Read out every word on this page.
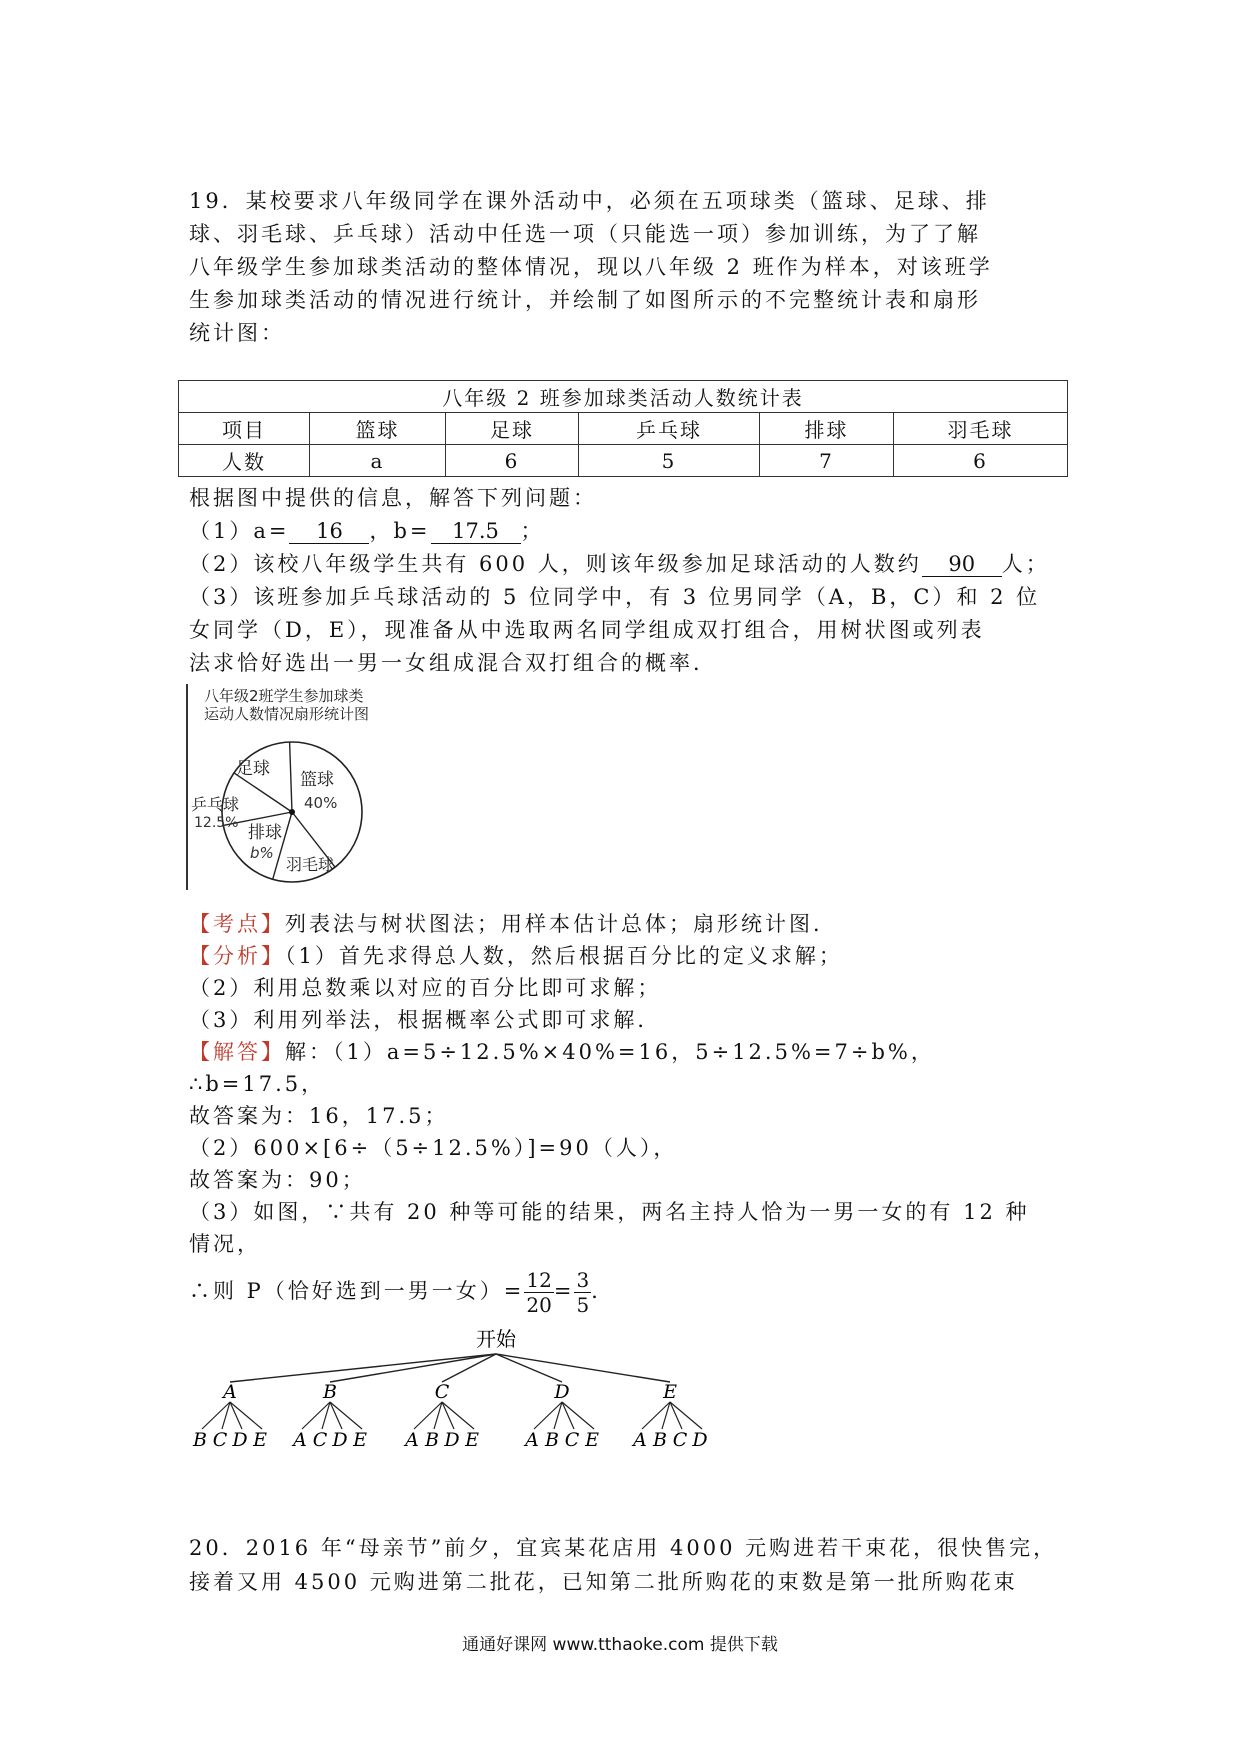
19．某校要求八年级同学在课外活动中，必须在五项球类（篮球、足球、排
球、羽毛球、乒乓球）活动中任选一项（只能选一项）参加训练，为了了解
八年级学生参加球类活动的整体情况，现以八年级 2 班作为样本，对该班学
生参加球类活动的情况进行统计，并绘制了如图所示的不完整统计表和扇形
统计图：
八年级 2 班参加球类活动人数统计表					
项目	篮球	足球	乒乓球	排球	羽毛球
人数	a	6	5	7	6
根据图中提供的信息，解答下列问题：
（1）a= 16 ，b= 17.5 ；
（2）该校八年级学生共有 600 人，则该年级参加足球活动的人数约 90 人；
（3）该班参加乒乓球活动的 5 位同学中，有 3 位男同学（A，B，C）和 2 位
女同学（D，E），现准备从中选取两名同学组成双打组合，用树状图或列表
法求恰好选出一男一女组成混合双打组合的概率．
八年级2班学生参加球类
运动人数情况扇形统计图
足球
篮球
40%
乒乓球
12.5% 排球
b%
羽毛球
【考点】列表法与树状图法；用样本估计总体；扇形统计图．
【分析】（1）首先求得总人数，然后根据百分比的定义求解；
（2）利用总数乘以对应的百分比即可求解；
（3）利用列举法，根据概率公式即可求解．
【解答】解：（1）a=5÷12.5%×40%=16，5÷12.5%=7÷b%，
∴b=17.5，
故答案为：16，17.5；
（2）600×[6÷（5÷12.5%）]=90（人），
故答案为：90；
（3）如图，∵共有 20 种等可能的结果，两名主持人恰为一男一女的有 12 种
情况，
∴则 P（恰好选到一男一女）= $\frac{12}{20} = \frac{3}{5}$ ．
开始
A
B C D E
B
A C D E
C
A B D E
D
A B C E
E
A B C D
20．2016 年“母亲节”前夕，宜宾某花店用 4000 元购进若干束花，很快售完，
接着又用 4500 元购进第二批花，已知第二批所购花的束数是第一批所购花束
通通好课网 www.tthaoke.com 提供下载
